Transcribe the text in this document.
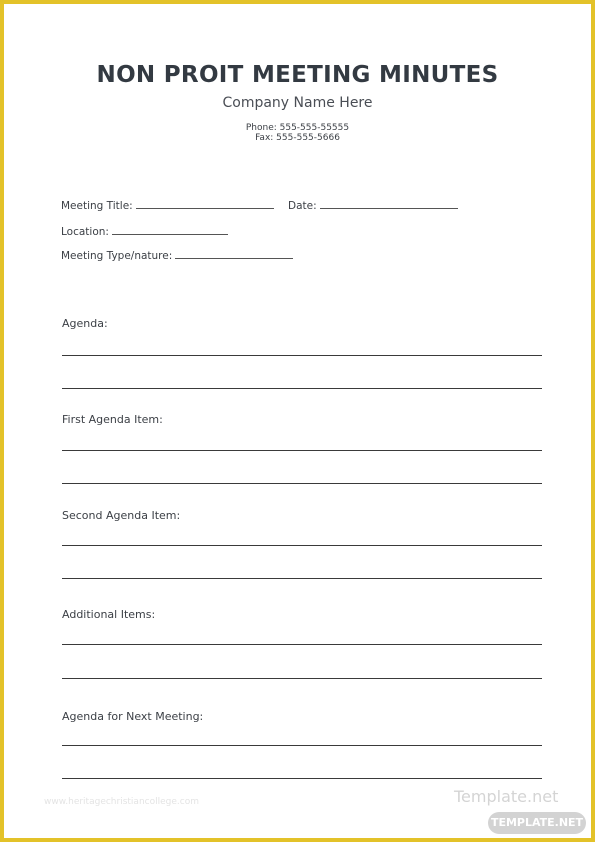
NON PROIT MEETING MINUTES
Company Name Here
Phone: 555-555-55555
Fax: 555-555-5666
Meeting Title:	Date:
Location:
Meeting Type/nature:
Agenda:
First Agenda Item:
Second Agenda Item:
Additional Items:
Agenda for Next Meeting:
www.heritagechristiancollege.com	Template.net
TEMPLATE.NET
